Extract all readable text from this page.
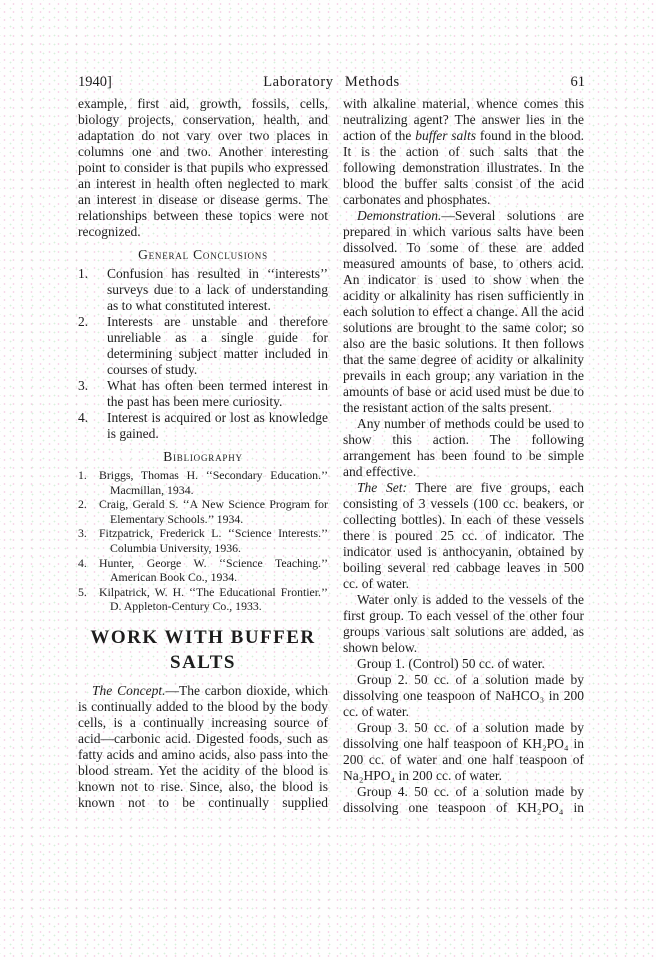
1940]	Laboratory Methods	61

example, first aid, growth, fossils, cells, biology projects, conservation, health, and adaptation do not vary over two places in columns one and two. Another interesting point to consider is that pupils who expressed an interest in health often neglected to mark an interest in disease or disease germs. The relationships between these topics were not recognized.

General Conclusions

1.	Confusion has resulted in ‘‘interests’’ surveys due to a lack of understanding as to what constituted interest.
2.	Interests are unstable and therefore unreliable as a single guide for determining subject matter included in courses of study.
3.	What has often been termed interest in the past has been mere curiosity.
4.	Interest is acquired or lost as knowledge is gained.

Bibliography

1.	Briggs, Thomas H. ‘‘Secondary Education.’’ Macmillan, 1934.
2.	Craig, Gerald S. ‘‘A New Science Program for Elementary Schools.’’ 1934.
3.	Fitzpatrick, Frederick L. ‘‘Science Interests.’’ Columbia University, 1936.
4.	Hunter, George W. ‘‘Science Teaching.’’ American Book Co., 1934.
5.	Kilpatrick, W. H. ‘‘The Educational Frontier.’’ D. Appleton-Century Co., 1933.

WORK WITH BUFFER SALTS

The Concept.—The carbon dioxide, which is continually added to the blood by the body cells, is a continually increasing source of acid—carbonic acid. Digested foods, such as fatty acids and amino acids, also pass into the blood stream. Yet the acidity of the blood is known not to rise. Since, also, the blood is known not to be continually supplied

with alkaline material, whence comes this neutralizing agent? The answer lies in the action of the buffer salts found in the blood. It is the action of such salts that the following demonstration illustrates. In the blood the buffer salts consist of the acid carbonates and phosphates.

Demonstration.—Several solutions are prepared in which various salts have been dissolved. To some of these are added measured amounts of base, to others acid. An indicator is used to show when the acidity or alkalinity has risen sufficiently in each solution to effect a change. All the acid solutions are brought to the same color; so also are the basic solutions. It then follows that the same degree of acidity or alkalinity prevails in each group; any variation in the amounts of base or acid used must be due to the resistant action of the salts present.

Any number of methods could be used to show this action. The following arrangement has been found to be simple and effective.

The Set: There are five groups, each consisting of 3 vessels (100 cc. beakers, or collecting bottles). In each of these vessels there is poured 25 cc. of indicator. The indicator used is anthocyanin, obtained by boiling several red cabbage leaves in 500 cc. of water.

Water only is added to the vessels of the first group. To each vessel of the other four groups various salt solutions are added, as shown below.

Group 1. (Control) 50 cc. of water.

Group 2. 50 cc. of a solution made by dissolving one teaspoon of NaHCO₃ in 200 cc. of water.

Group 3. 50 cc. of a solution made by dissolving one half teaspoon of KH₂PO₄ in 200 cc. of water and one half teaspoon of Na₂HPO₄ in 200 cc. of water.

Group 4. 50 cc. of a solution made by dissolving one teaspoon of KH₂PO₄ in
